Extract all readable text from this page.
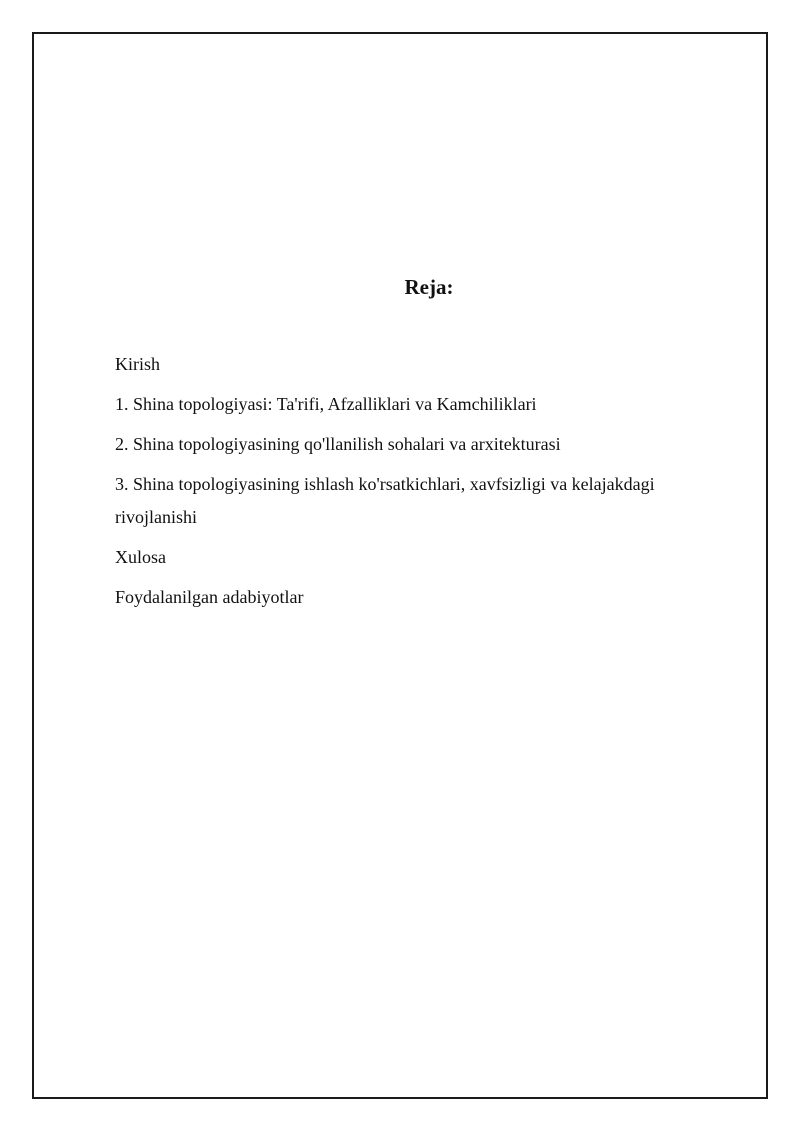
Reja:
Kirish
1. Shina topologiyasi: Ta'rifi, Afzalliklari va Kamchiliklari
2. Shina topologiyasining qo'llanilish sohalari va arxitekturasi
3. Shina topologiyasining ishlash ko'rsatkichlari, xavfsizligi va kelajakdagi rivojlanishi
Xulosa
Foydalanilgan adabiyotlar
